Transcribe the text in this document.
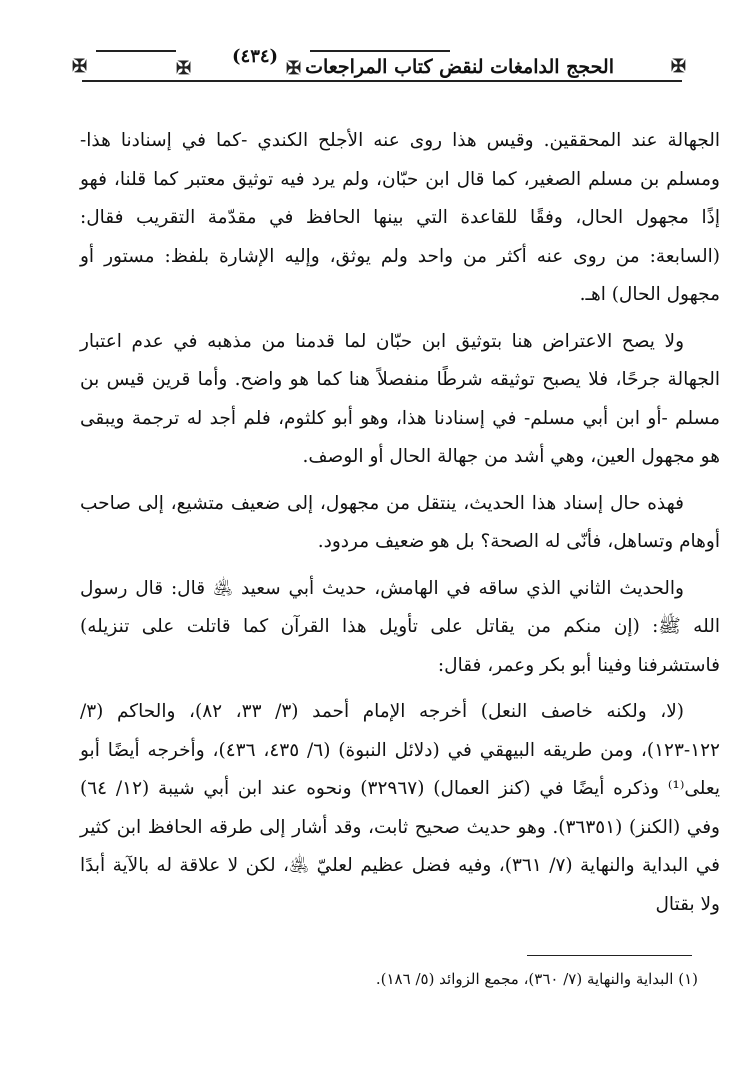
✠	✠
(٤٣٤)
✠ الحجج الدامغات لنقض كتاب المراجعات	✠

الجهالة عند المحققين. وقيس هذا روى عنه الأجلح الكندي -كما في إسنادنا هذا- ومسلم بن مسلم الصغير، كما قال ابن حبّان، ولم يرد فيه توثيق معتبر كما قلنا، فهو إذًا مجهول الحال، وفقًا للقاعدة التي بينها الحافظ في مقدّمة التقريب فقال: (السابعة: من روى عنه أكثر من واحد ولم يوثق، وإليه الإشارة بلفظ: مستور أو مجهول الحال) اهـ.

ولا يصح الاعتراض هنا بتوثيق ابن حبّان لما قدمنا من مذهبه في عدم اعتبار الجهالة جرحًا، فلا يصبح توثيقه شرطًا منفصلاً هنا كما هو واضح. وأما قرين قيس بن مسلم -أو ابن أبي مسلم- في إسنادنا هذا، وهو أبو كلثوم، فلم أجد له ترجمة ويبقى هو مجهول العين، وهي أشد من جهالة الحال أو الوصف.

فهذه حال إسناد هذا الحديث، ينتقل من مجهول، إلى ضعيف متشيع، إلى صاحب أوهام وتساهل، فأنّى له الصحة؟ بل هو ضعيف مردود.

والحديث الثاني الذي ساقه في الهامش، حديث أبي سعيد ﵁ قال: قال رسول الله ﷺ: (إن منكم من يقاتل على تأويل هذا القرآن كما قاتلت على تنزيله) فاستشرفنا وفينا أبو بكر وعمر، فقال:

(لا، ولكنه خاصف النعل) أخرجه الإمام أحمد (٣/ ٣٣، ٨٢)، والحاكم (٣/ ١٢٢-١٢٣)، ومن طريقه البيهقي في (دلائل النبوة) (٦/ ٤٣٥، ٤٣٦)، وأخرجه أيضًا أبو يعلى⁽¹⁾ وذكره أيضًا في (كنز العمال) (٣٢٩٦٧) ونحوه عند ابن أبي شيبة (١٢/ ٦٤) وفي (الكنز) (٣٦٣٥١). وهو حديث صحيح ثابت، وقد أشار إلى طرقه الحافظ ابن كثير في البداية والنهاية (٧/ ٣٦١)، وفيه فضل عظيم لعليّ ﵁، لكن لا علاقة له بالآية أبدًا ولا بقتال

(١) البداية والنهاية (٧/ ٣٦٠)، مجمع الزوائد (٥/ ١٨٦).
